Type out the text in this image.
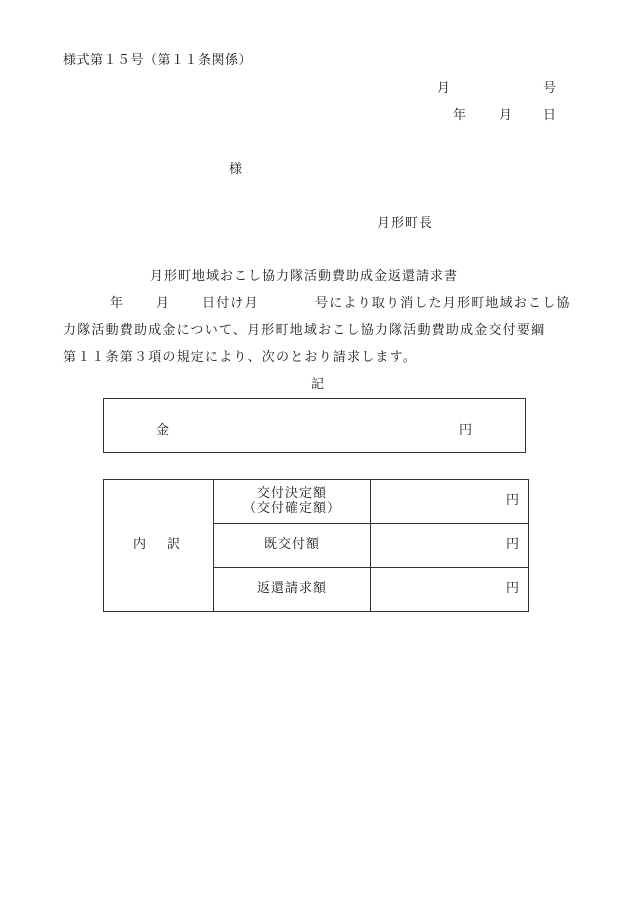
様式第１５号（第１１条関係）
月	号
年	月 日
様
月形町長
月形町地域おこし協力隊活動費助成金返還請求書
年 月 日付け月	号により取り消した月形町地域おこし協
力隊活動費助成金について、月形町地域おこし協力隊活動費助成金交付要綱
第１１条第３項の規定により、次のとおり請求します。
記
金	円
内　訳	交付決定額
（交付確定額）	円
	既交付額	円
	返還請求額	円
